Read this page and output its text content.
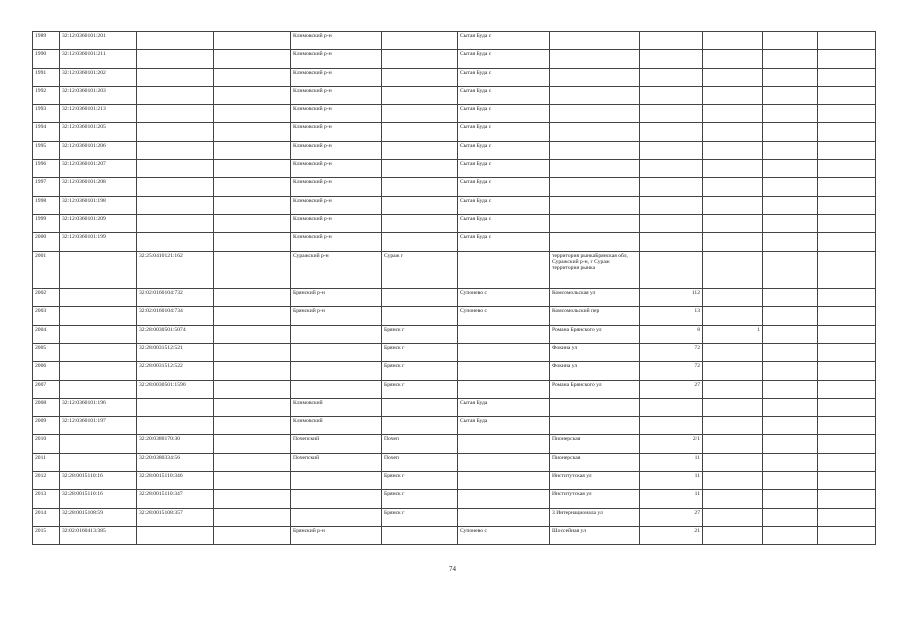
1989	32:12:0360101:201			Климовский р-н		Сытая Буда с					
1990	32:12:0360101:211			Климовский р-н		Сытая Буда с					
1991	32:12:0360101:202			Климовский р-н		Сытая Буда с					
1992	32:12:0360101:203			Климовский р-н		Сытая Буда с					
1993	32:12:0360101:213			Климовский р-н		Сытая Буда с					
1994	32:12:0360101:205			Климовский р-н		Сытая Буда с					
1995	32:12:0360101:206			Климовский р-н		Сытая Буда с					
1996	32:12:0360101:207			Климовский р-н		Сытая Буда с					
1997	32:12:0360101:208			Климовский р-н		Сытая Буда с					
1998	32:12:0360101:198			Климовский р-н		Сытая Буда с					
1999	32:12:0360101:209			Климовский р-н		Сытая Буда с					
2000	32:12:0360101:199			Климовский р-н		Сытая Буда с					
2001		32:25:0410121:162		Суражский р-н	Сураж г		территория рынкаБрянская обл, Суражский р-н, г Сураж территория рынка				
2002		32:02:0160104:732		Брянский р-н		Супонево с	Комсомольская ул	112			
2003		32:02:0160104:734		Брянский р-н		Супонево с	Комсомольский пер	13			
2004		32:28:0030501:5074			Брянск г		Романа Брянского ул	8	1		
2005		32:28:0031512:521			Брянск г		Фокина ул	72			
2006		32:28:0031512:522			Брянск г		Фокина ул	72			
2007		32:28:0030501:1590			Брянск г		Романа Брянского ул	27			
2008	32:12:0360101:196			Климовский		Сытая Буда					
2009	32:12:0360101:197			Климовский		Сытая Буда					
2010		32:20:0380170:30		Почепский	Почеп		Пионерская	2/1			
2011		32:20:0380334:56		Почепский	Почеп		Пионерская	11			
2012	32:28:0015110:16	32:28:0015110:346			Брянск г		Институтская ул	11			
2013	32:28:0015110:16	32:28:0015110:347			Брянск г		Институтская ул	11			
2014	32:28:0015108:59	32:28:0015108:357			Брянск г		3 Интернационала ул	27			
2015	32:02:0160413:385			Брянский р-н		Супонево с	Шоссейная ул	21			
74
